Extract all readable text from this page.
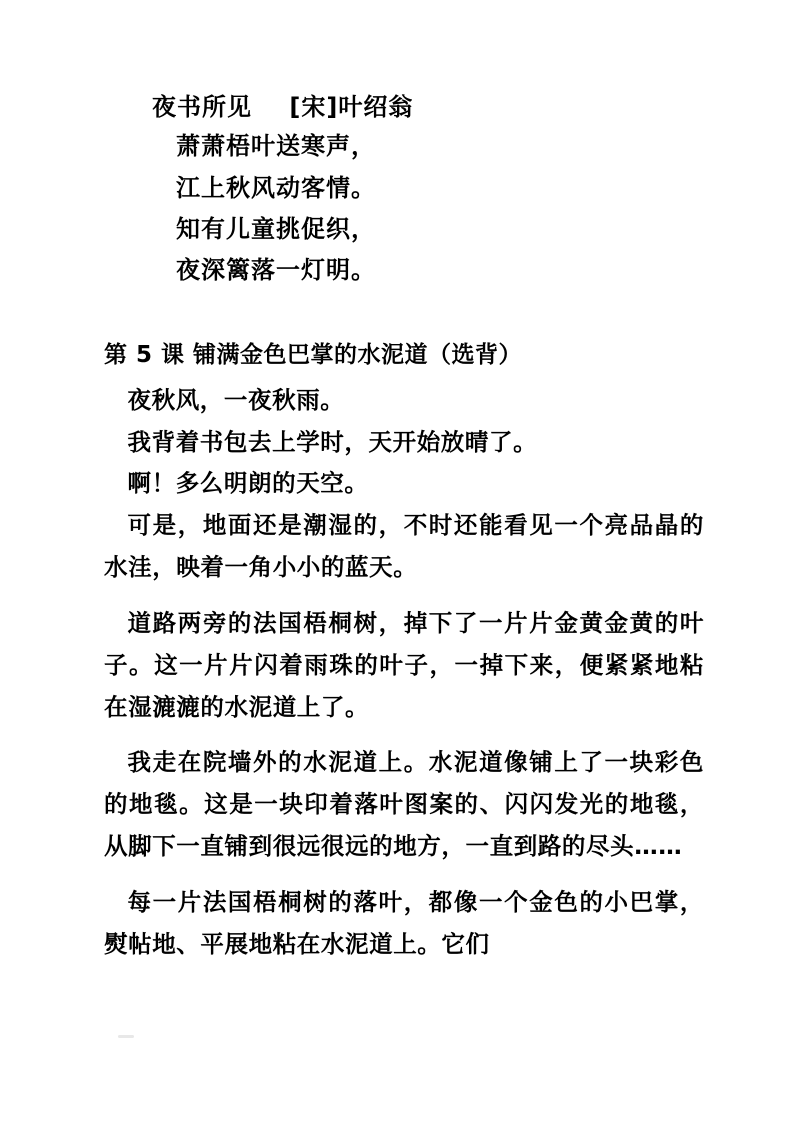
夜书所见    [宋]叶绍翁
萧萧梧叶送寒声，
江上秋风动客情。
知有儿童挑促织，
夜深篱落一灯明。
第 5 课 铺满金色巴掌的水泥道（选背）

夜秋风，一夜秋雨。

我背着书包去上学时，天开始放晴了。

啊！多么明朗的天空。

可是，地面还是潮湿的，不时还能看见一个亮品晶的水洼，映着一角小小的蓝天。

道路两旁的法国梧桐树，掉下了一片片金黄金黄的叶子。这一片片闪着雨珠的叶子，一掉下来，便紧紧地粘在湿漉漉的水泥道上了。

我走在院墙外的水泥道上。水泥道像铺上了一块彩色的地毯。这是一块印着落叶图案的、闪闪发光的地毯，从脚下一直铺到很远很远的地方，一直到路的尽头……

每一片法国梧桐树的落叶，都像一个金色的小巴掌，熨帖地、平展地粘在水泥道上。它们
